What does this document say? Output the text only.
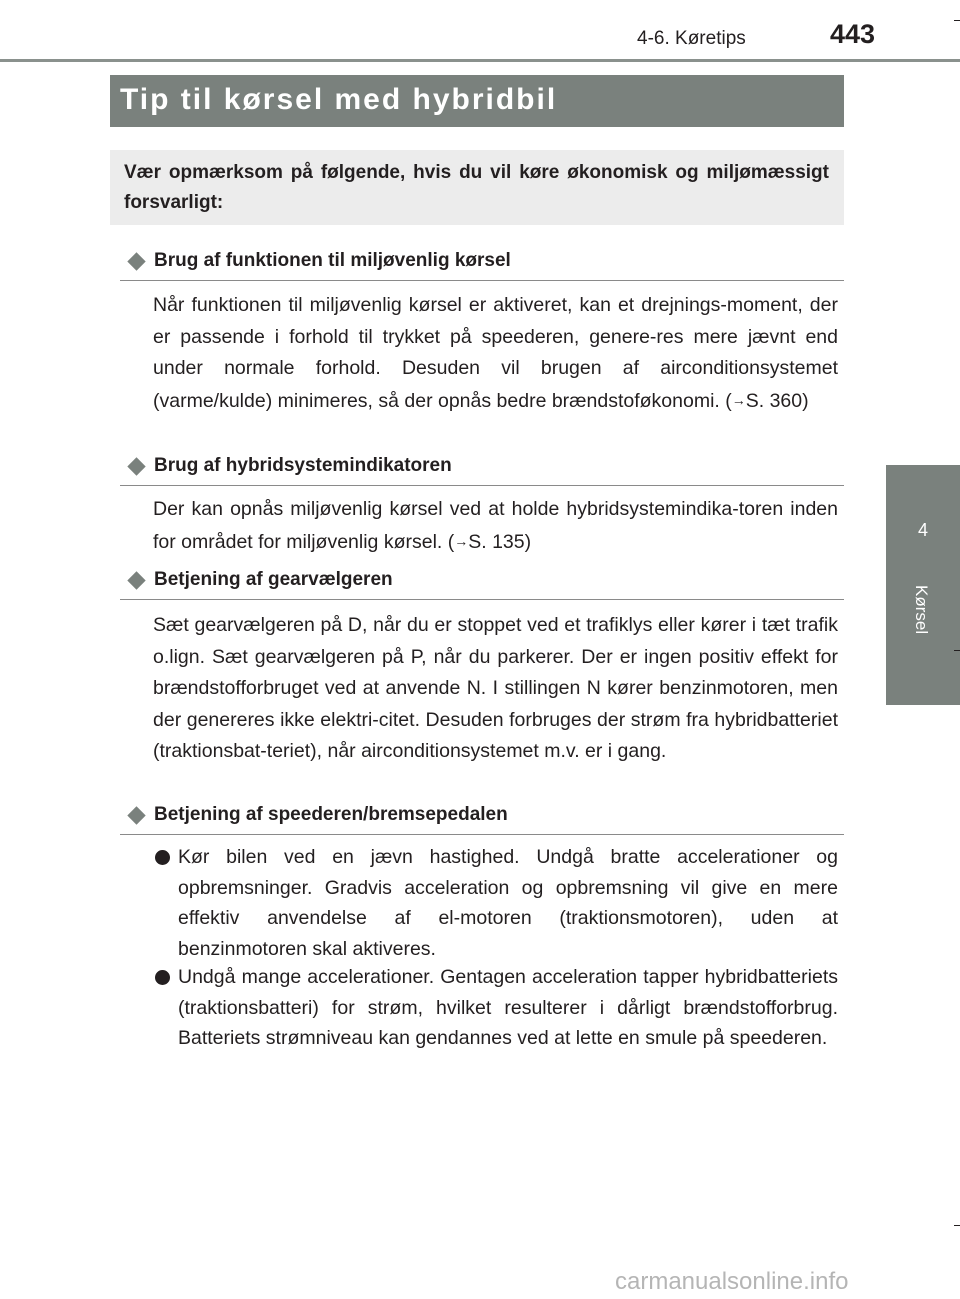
4-6. Køretips	443
4
Kørsel
Tip til kørsel med hybridbil
Vær opmærksom på følgende, hvis du vil køre økonomisk og miljømæssigt forsvarligt:
Brug af funktionen til miljøvenlig kørsel
Når funktionen til miljøvenlig kørsel er aktiveret, kan et drejnings-moment, der er passende i forhold til trykket på speederen, genere-res mere jævnt end under normale forhold. Desuden vil brugen af airconditionsystemet (varme/kulde) minimeres, så der opnås bedre brændstoføkonomi. (→S. 360)
Brug af hybridsystemindikatoren
Der kan opnås miljøvenlig kørsel ved at holde hybridsystemindika-toren inden for området for miljøvenlig kørsel. (→S. 135)
Betjening af gearvælgeren
Sæt gearvælgeren på D, når du er stoppet ved et trafiklys eller kører i tæt trafik o.lign. Sæt gearvælgeren på P, når du parkerer. Der er ingen positiv effekt for brændstofforbruget ved at anvende N. I stillingen N kører benzinmotoren, men der genereres ikke elektri-citet. Desuden forbruges der strøm fra hybridbatteriet (traktionsbat-teriet), når airconditionsystemet m.v. er i gang.
Betjening af speederen/bremsepedalen
Kør bilen ved en jævn hastighed. Undgå bratte accelerationer og opbremsninger. Gradvis acceleration og opbremsning vil give en mere effektiv anvendelse af el-motoren (traktionsmotoren), uden at benzinmotoren skal aktiveres.
Undgå mange accelerationer. Gentagen acceleration tapper hybridbatteriets (traktionsbatteri) for strøm, hvilket resulterer i dårligt brændstofforbrug. Batteriets strømniveau kan gendannes ved at lette en smule på speederen.
carmanualsonline.info
